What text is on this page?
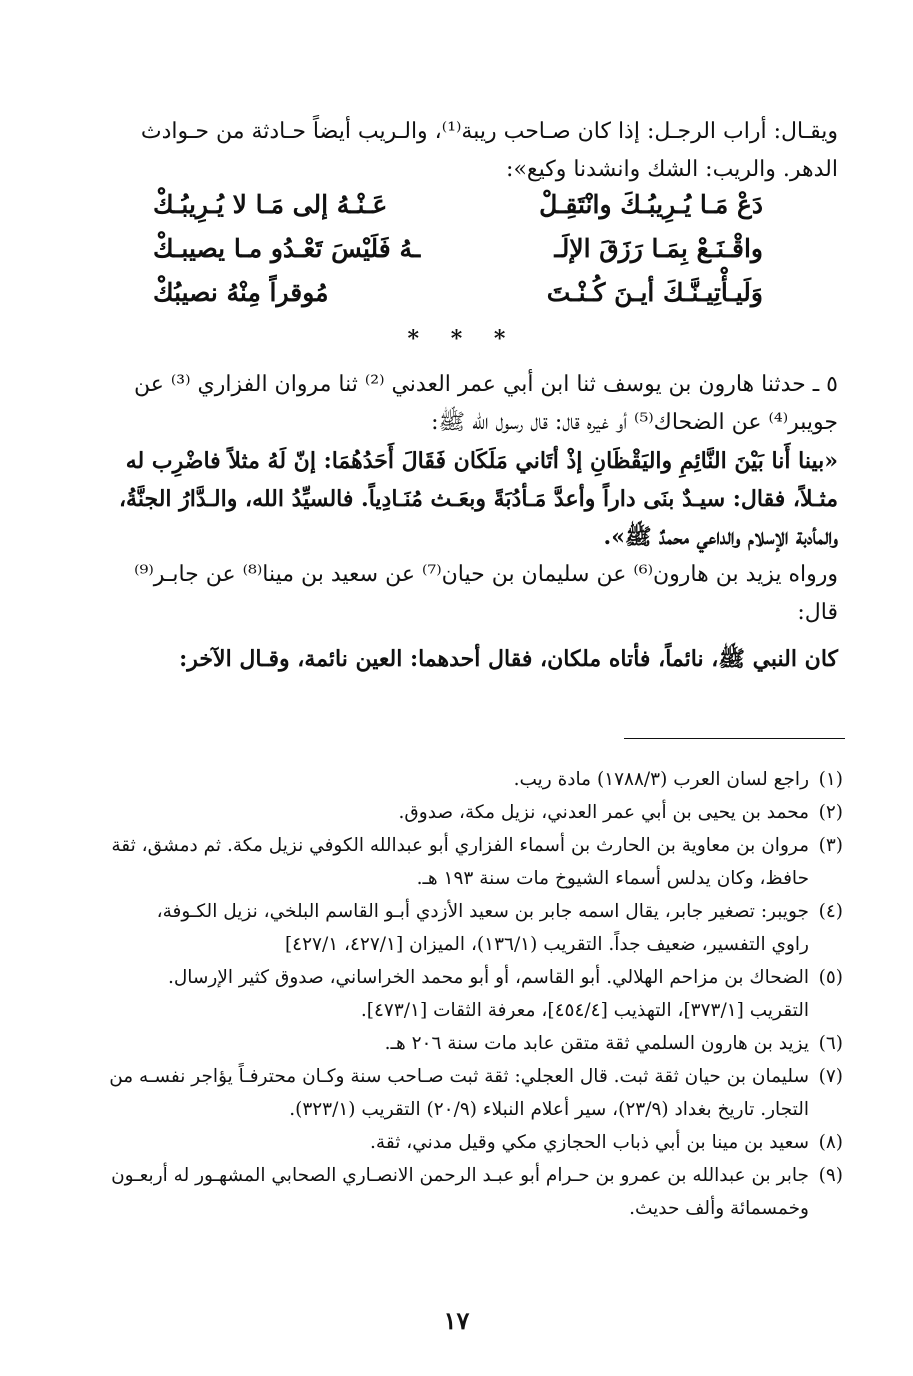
ويقـال: أراب الرجـل: إذا كان صـاحب ريبة⁽¹⁾، والـريب أيضاً حـادثة من حـوادث

الدهر. والريب: الشك وانشدنا وكيع»:

دَعْ مَـا يُـرِيبُـكَ وانْتَقِـلْ
عَـنْـهُ إلى مَـا لا يُـرِيبُـكْ
واقْـنَـعْ بِمَـا رَزَقَ الإلَـ
ـهُ فَلَيْسَ تَعْـدُو مـا يصيبـكْ
وَلَيـأْتِيـنَّـكَ أيـنَ كُـنْـتَ
مُوقراً مِنْهُ نصيبُكْ
* * *

٥ ـ حدثنا هارون بن يوسف ثنا ابن أبي عمر العدني ⁽²⁾ ثنا مروان الفزاري ⁽³⁾ عن

جويبر⁽⁴⁾ عن الضحاك⁽⁵⁾ أو غيره قال: قال رسول الله ﷺ:

«بينا أَنا بَيْنَ النَّائِمِ واليَقْظَانِ إذْ أتَاني مَلَكَان فَقَالَ أَحَدُهُمَا: إنّ لَهُ مثلاً فاضْرِب له

مثـلاً، فقال: سيـدٌ بنَى داراً وأعدَّ مَـأدُبَةً وبعَـث مُنَـادِياً. فالسيِّدُ الله، والـدَّارُ الجنَّةُ،

والمأدبة الإسلام والداعي محمدٌ ﷺ».

ورواه يزيد بن هارون⁽⁶⁾ عن سليمان بن حيان⁽⁷⁾ عن سعيد بن مينا⁽⁸⁾ عن جابـر⁽⁹⁾

قال:

كان النبي ﷺ، نائماً، فأتاه ملكان، فقال أحدهما: العين نائمة، وقـال الآخر:

(١)
راجع لسان العرب (١٧٨٨/٣) مادة ريب.
(٢)
محمد بن يحيى بن أبي عمر العدني، نزيل مكة، صدوق.
(٣)
مروان بن معاوية بن الحارث بن أسماء الفزاري أبو عبدالله الكوفي نزيل مكة. ثم دمشق، ثقة
حافظ، وكان يدلس أسماء الشيوخ مات سنة ١٩٣ هـ.
(٤)
جويبر: تصغير جابر، يقال اسمه جابر بن سعيد الأزدي أبـو القاسم البلخي، نزيل الكـوفة،
راوي التفسير، ضعيف جداً. التقريب (١٣٦/١)، الميزان [٤٢٧/١، ٤٢٧/١]
(٥)
الضحاك بن مزاحم الهلالي. أبو القاسم، أو أبو محمد الخراساني، صدوق كثير الإرسال.
التقريب [٣٧٣/١]، التهذيب [٤٥٤/٤]، معرفة الثقات [٤٧٣/١].
(٦)
يزيد بن هارون السلمي ثقة متقن عابد مات سنة ٢٠٦ هـ.
(٧)
سليمان بن حيان ثقة ثبت. قال العجلي: ثقة ثبت صـاحب سنة وكـان محترفـاً يؤاجر نفسـه من
التجار. تاريخ بغداد (٢٣/٩)، سير أعلام النبلاء (٢٠/٩) التقريب (٣٢٣/١).
(٨)
سعيد بن مينا بن أبي ذباب الحجازي مكي وقيل مدني، ثقة.
(٩)
جابر بن عبدالله بن عمرو بن حـرام أبو عبـد الرحمن الانصـاري الصحابي المشهـور له أربعـون
وخمسمائة وألف حديث.
١٧
